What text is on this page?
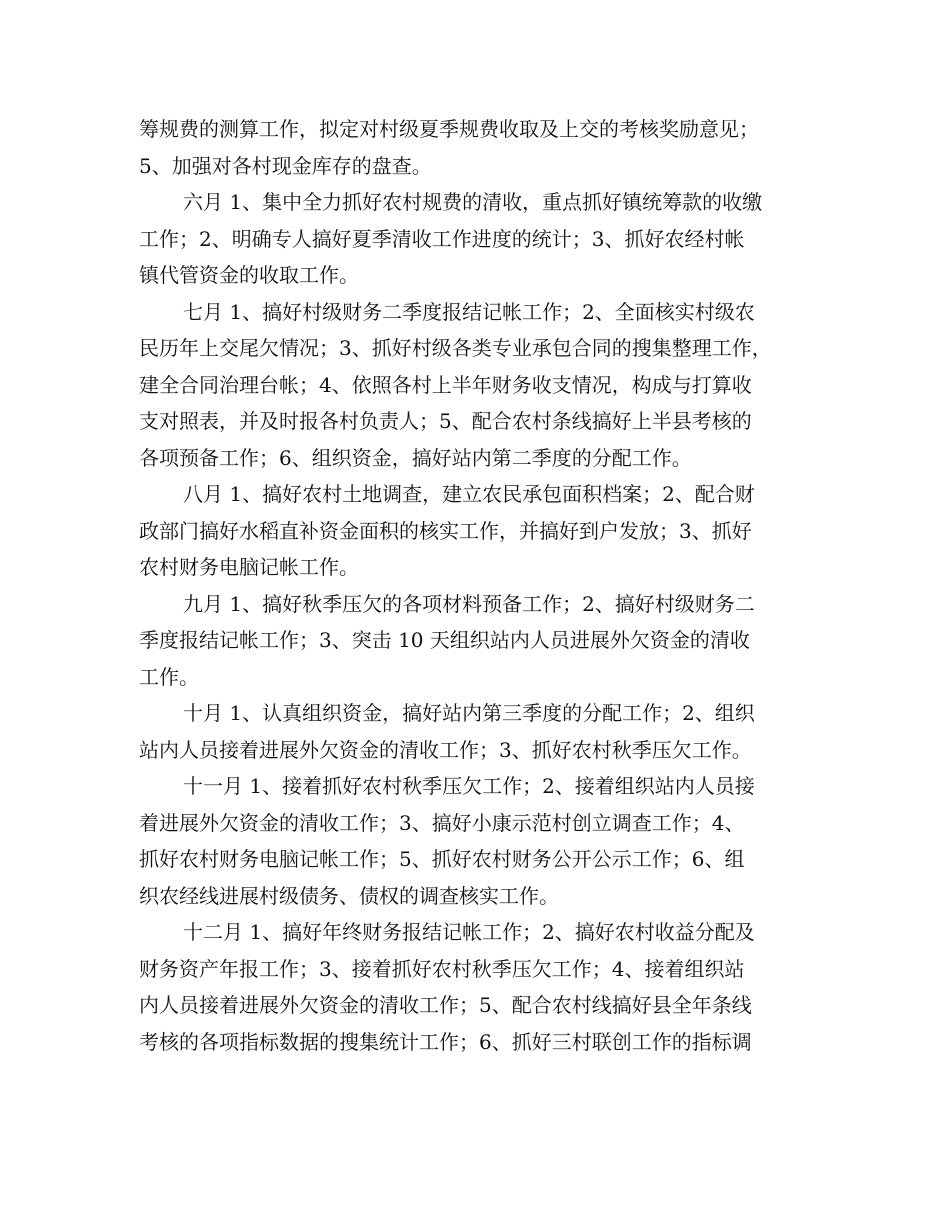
筹规费的测算工作，拟定对村级夏季规费收取及上交的考核奖励意见；
5、加强对各村现金库存的盘查。

六月 1、集中全力抓好农村规费的清收，重点抓好镇统筹款的收缴
工作；2、明确专人搞好夏季清收工作进度的统计；3、抓好农经村帐
镇代管资金的收取工作。

七月 1、搞好村级财务二季度报结记帐工作；2、全面核实村级农
民历年上交尾欠情况；3、抓好村级各类专业承包合同的搜集整理工作，
建全合同治理台帐；4、依照各村上半年财务收支情况，构成与打算收
支对照表，并及时报各村负责人；5、配合农村条线搞好上半县考核的
各项预备工作；6、组织资金，搞好站内第二季度的分配工作。

八月 1、搞好农村土地调查，建立农民承包面积档案；2、配合财
政部门搞好水稻直补资金面积的核实工作，并搞好到户发放；3、抓好
农村财务电脑记帐工作。

九月 1、搞好秋季压欠的各项材料预备工作；2、搞好村级财务二
季度报结记帐工作；3、突击 10 天组织站内人员进展外欠资金的清收
工作。

十月 1、认真组织资金，搞好站内第三季度的分配工作；2、组织
站内人员接着进展外欠资金的清收工作；3、抓好农村秋季压欠工作。

十一月 1、接着抓好农村秋季压欠工作；2、接着组织站内人员接
着进展外欠资金的清收工作；3、搞好小康示范村创立调查工作；4、
抓好农村财务电脑记帐工作；5、抓好农村财务公开公示工作；6、组
织农经线进展村级债务、债权的调查核实工作。

十二月 1、搞好年终财务报结记帐工作；2、搞好农村收益分配及
财务资产年报工作；3、接着抓好农村秋季压欠工作；4、接着组织站
内人员接着进展外欠资金的清收工作；5、配合农村线搞好县全年条线
考核的各项指标数据的搜集统计工作；6、抓好三村联创工作的指标调
